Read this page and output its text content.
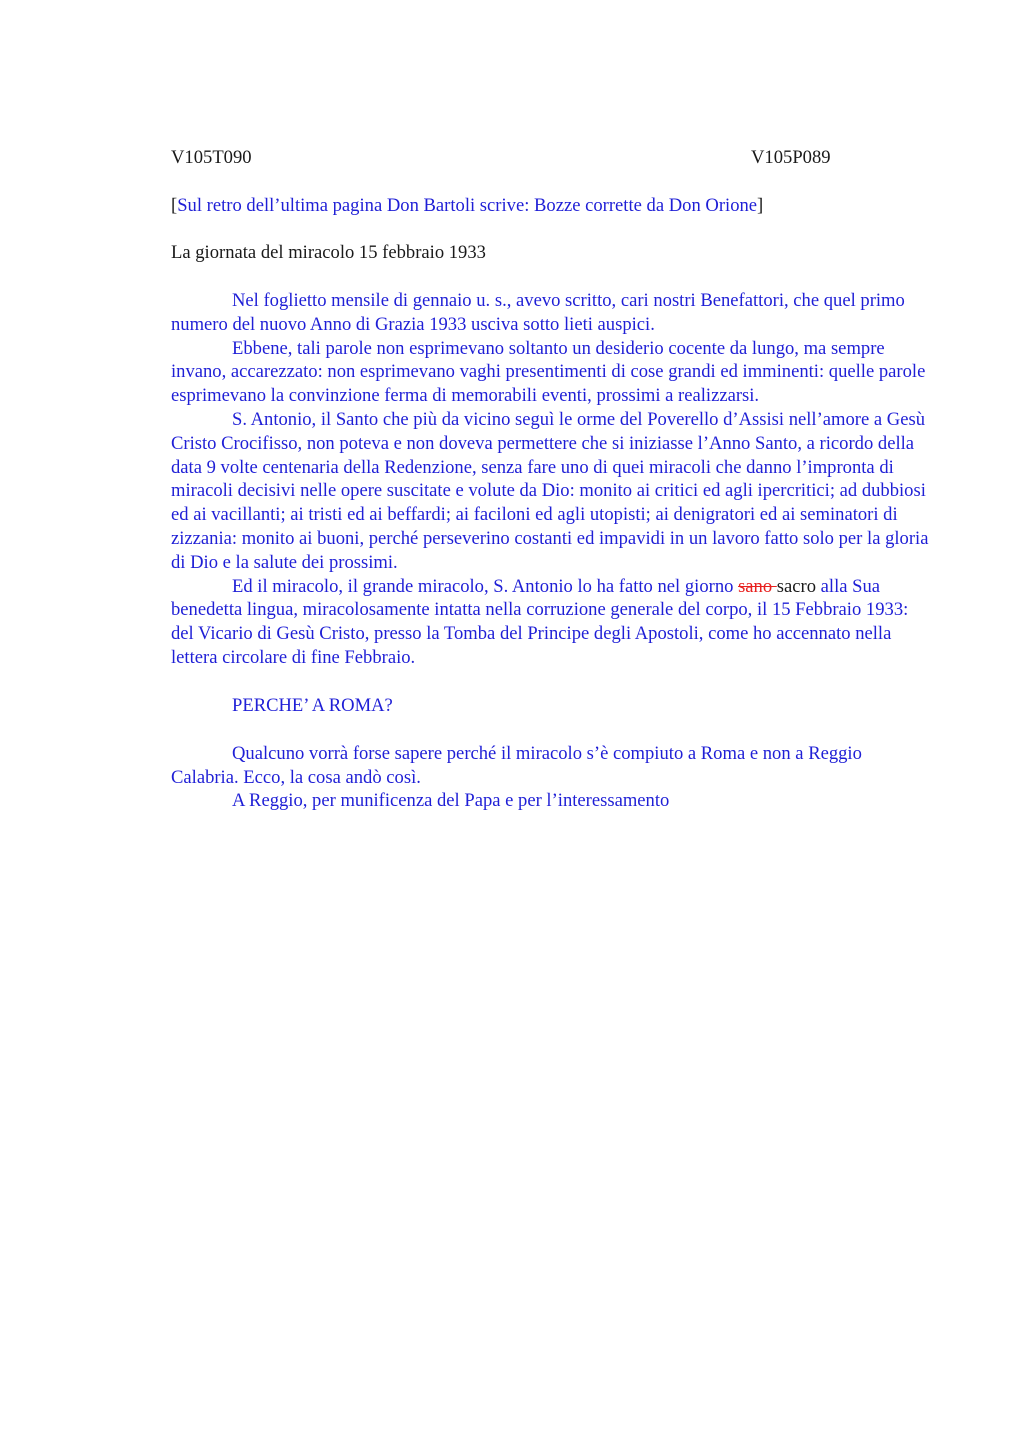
V105T090	V105P089
[Sul retro dell’ultima pagina Don Bartoli scrive: Bozze corrette da Don Orione]
La giornata del miracolo 15 febbraio 1933

Nel foglietto mensile di gennaio u. s., avevo scritto, cari nostri Benefattori, che quel primo numero del nuovo Anno di Grazia 1933 usciva sotto lieti auspici.

Ebbene, tali parole non esprimevano soltanto un desiderio cocente da lungo, ma sempre invano, accarezzato: non esprimevano vaghi presentimenti di cose grandi ed imminenti: quelle parole esprimevano la convinzione ferma di memorabili eventi, prossimi a realizzarsi.

S. Antonio, il Santo che più da vicino seguì le orme del Poverello d’Assisi nell’amore a Gesù Cristo Crocifisso, non poteva e non doveva permettere che si iniziasse l’Anno Santo, a ricordo della data 9 volte centenaria della Redenzione, senza fare uno di quei miracoli che danno l’impronta di miracoli decisivi nelle opere suscitate e volute da Dio: monito ai critici ed agli ipercritici; ad dubbiosi ed ai vacillanti; ai tristi ed ai beffardi; ai faciloni ed agli utopisti; ai denigratori ed ai seminatori di zizzania: monito ai buoni, perché perseverino costanti ed impavidi in un lavoro fatto solo per la gloria di Dio e la salute dei prossimi.

Ed il miracolo, il grande miracolo, S. Antonio lo ha fatto nel giorno sano sacro alla Sua benedetta lingua, miracolosamente intatta nella corruzione generale del corpo, il 15 Febbraio 1933: del Vicario di Gesù Cristo, presso la Tomba del Principe degli Apostoli, come ho accennato nella lettera circolare di fine Febbraio.

PERCHE’ A ROMA?

Qualcuno vorrà forse sapere perché il miracolo s’è compiuto a Roma e non a Reggio Calabria. Ecco, la cosa andò così.

A Reggio, per munificenza del Papa e per l’interessamento
